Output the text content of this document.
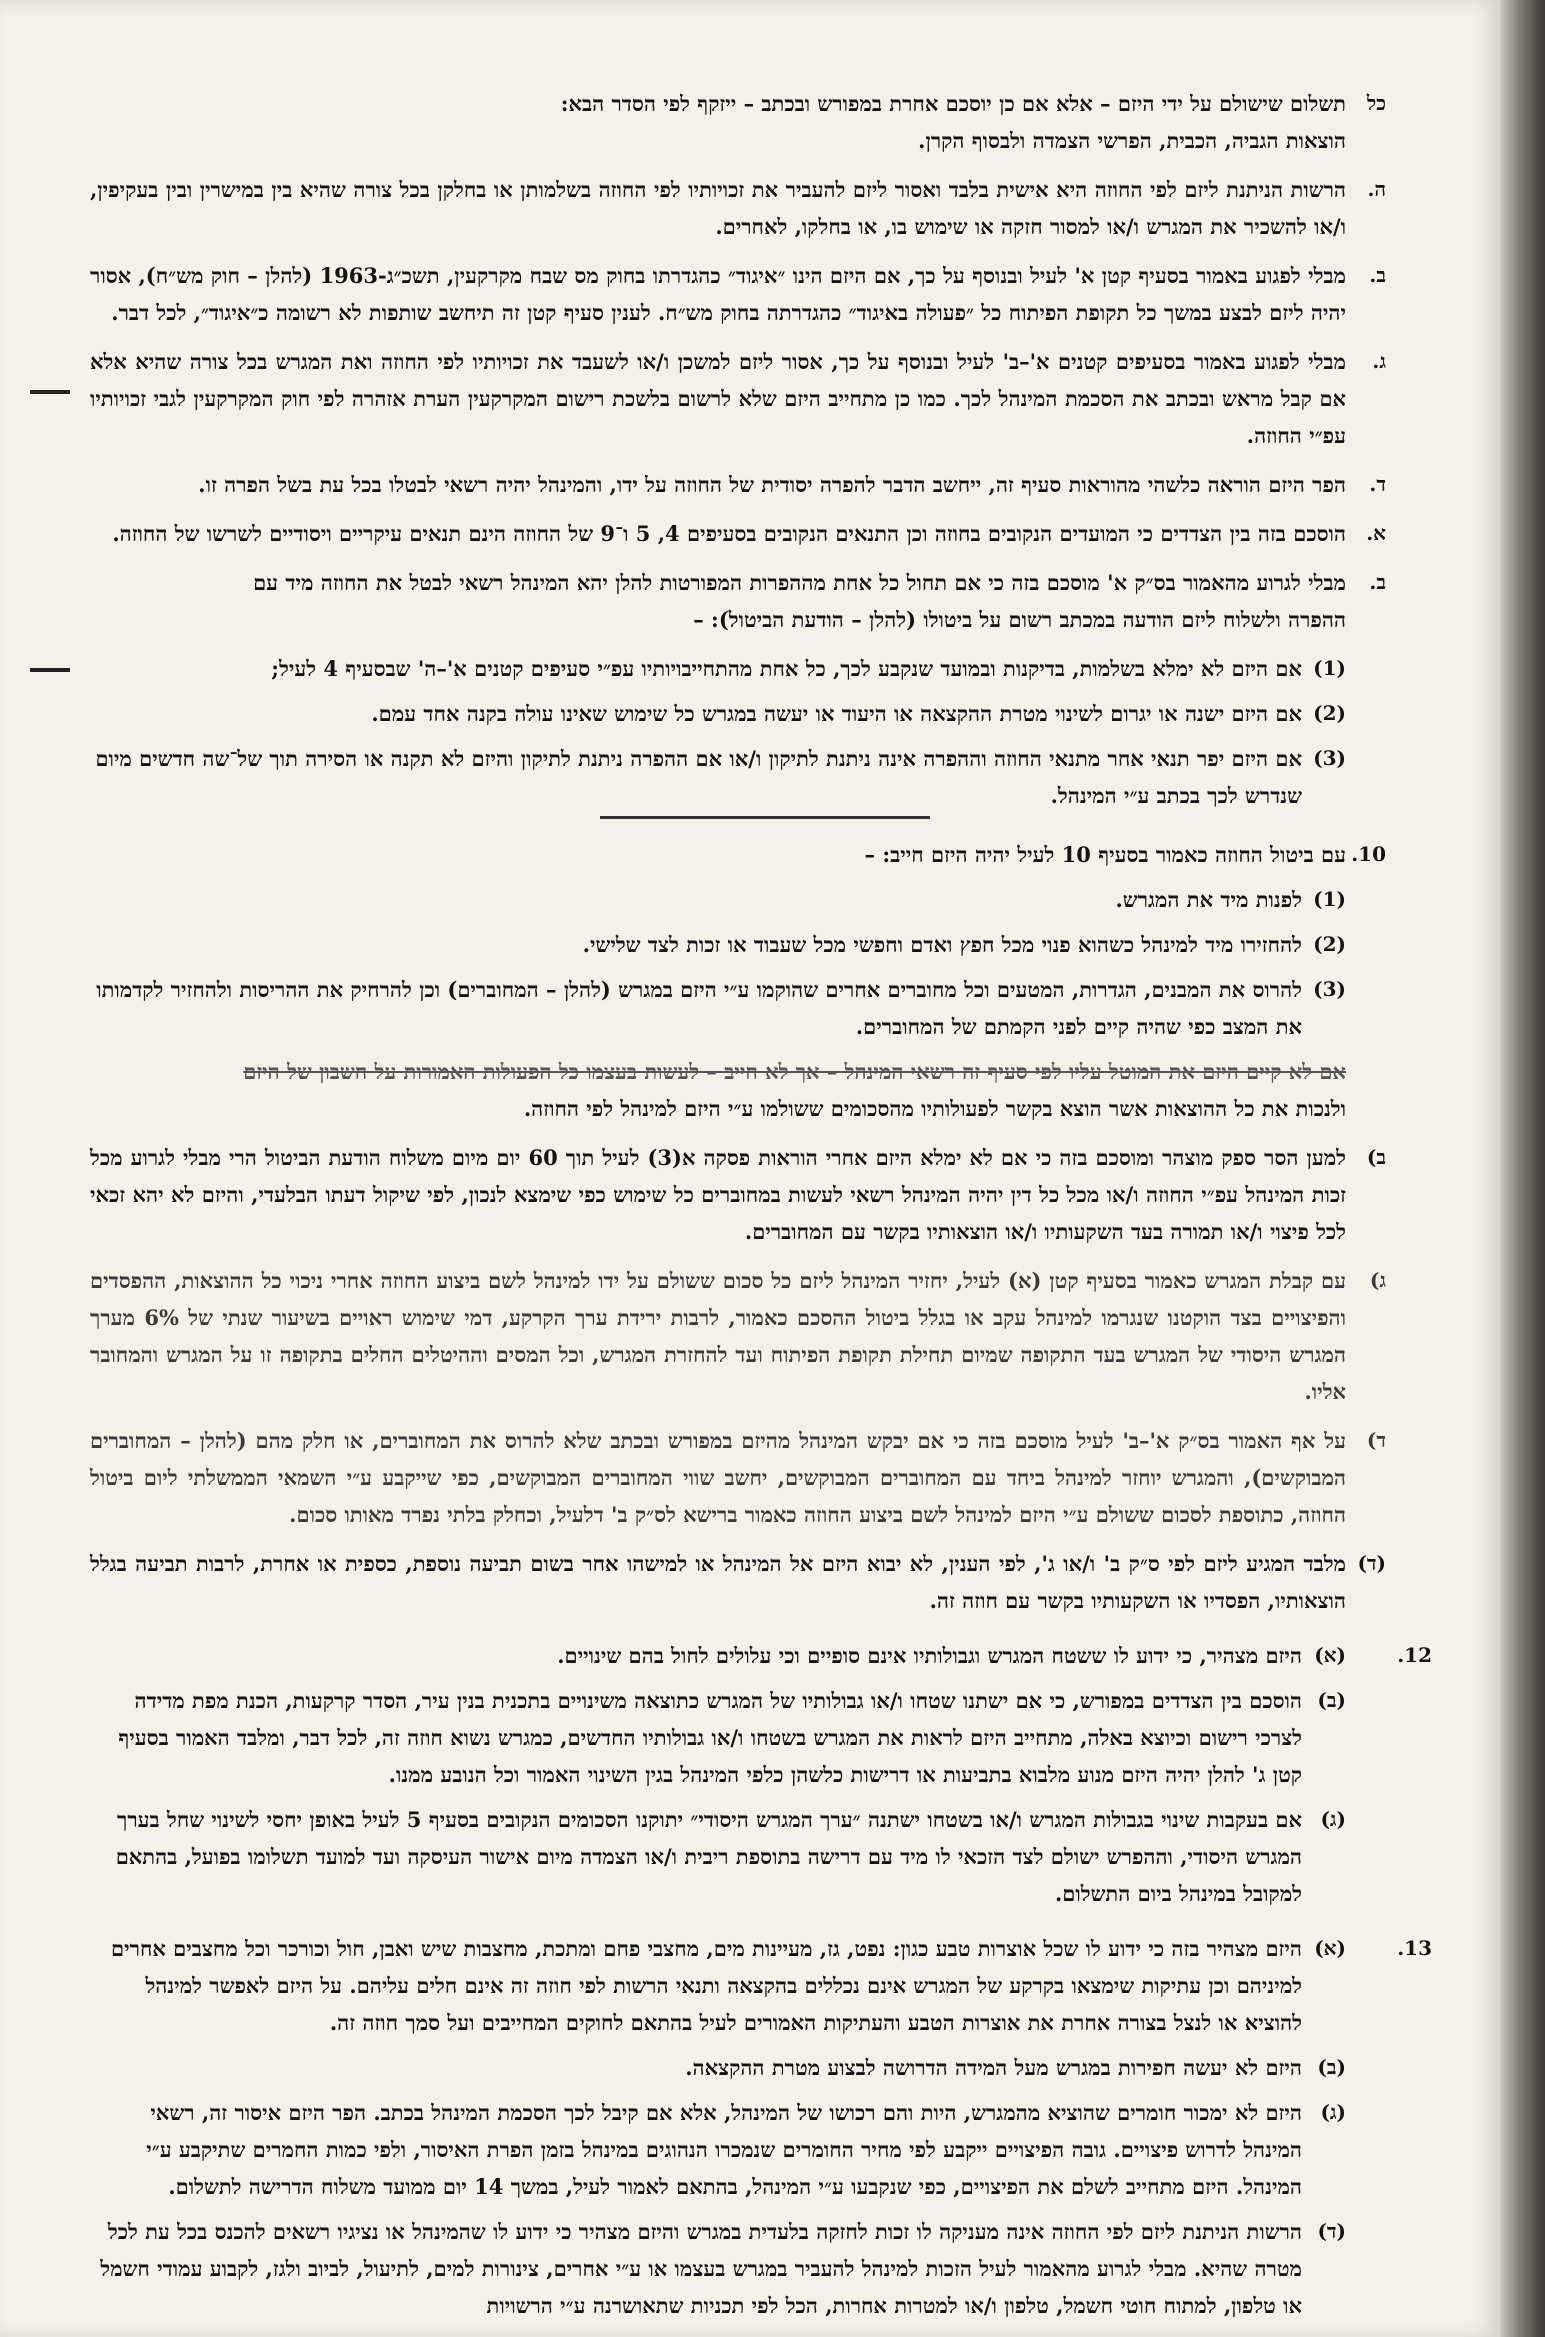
כל
תשלום שישולם על ידי היזם – אלא אם כן יוסכם אחרת במפורש ובכתב – ייזקף לפי הסדר הבא:
הוצאות הגביה, הכבית, הפרשי הצמדה ולבסוף הקרן.
ה.
הרשות הניתנת ליזם לפי החוזה היא אישית בלבד ואסור ליזם להעביר את זכויותיו לפי החוזה בשלמותן או בחלקן בכל צורה שהיא בין במישרין ובין בעקיפין, ו/או להשכיר את המגרש ו/או למסור חזקה או שימוש בו, או בחלקו, לאחרים.
ב.
מבלי לפגוע באמור בסעיף קטן א' לעיל ובנוסף על כך, אם היזם הינו ״איגוד״ כהגדרתו בחוק מס שבח מקרקעין, תשכ״ג-1963 (להלן – חוק מש״ח), אסור יהיה ליזם לבצע במשך כל תקופת הפיתוח כל ״פעולה באיגוד״ כהגדרתה בחוק מש״ח. לענין סעיף קטן זה תיחשב שותפות לא רשומה כ״איגוד״, לכל דבר.
ג.
מבלי לפגוע באמור בסעיפים קטנים א'–ב' לעיל ובנוסף על כך, אסור ליזם למשכן ו/או לשעבד את זכויותיו לפי החוזה ואת המגרש בכל צורה שהיא אלא אם קבל מראש ובכתב את הסכמת המינהל לכך. כמו כן מתחייב היזם שלא לרשום בלשכת רישום המקרקעין הערת אזהרה לפי חוק המקרקעין לגבי זכויותיו עפ״י החוזה.
ד.
הפר היזם הוראה כלשהי מהוראות סעיף זה, ייחשב הדבר להפרה יסודית של החוזה על ידו, והמינהל יהיה רשאי לבטלו בכל עת בשל הפרה זו.
א.
הוסכם בזה בין הצדדים כי המועדים הנקובים בחוזה וכן התנאים הנקובים בסעיפים 4, 5 ו־9 של החוזה הינם תנאים עיקריים ויסודיים לשרשו של החוזה.
ב.
מבלי לגרוע מהאמור בס״ק א' מוסכם בזה כי אם תחול כל אחת מההפרות המפורטות להלן יהא המינהל רשאי לבטל את החוזה מיד עם
ההפרה ולשלוח ליזם הודעה במכתב רשום על ביטולו (להלן – הודעת הביטול): –
(1)
אם היזם לא ימלא בשלמות, בדיקנות ובמועד שנקבע לכך, כל אחת מהתחייבויותיו עפ״י סעיפים קטנים א'–ה' שבסעיף 4 לעיל;
(2)
אם היזם ישנה או יגרום לשינוי מטרת ההקצאה או היעוד או יעשה במגרש כל שימוש שאינו עולה בקנה אחד עמם.
(3)
אם היזם יפר תנאי אחר מתנאי החוזה וההפרה אינה ניתנת לתיקון ו/או אם ההפרה ניתנת לתיקון והיזם לא תקנה או הסירה תוך של־שה חדשים מיום שנדרש לכך בכתב ע״י המינהל.
10.
עם ביטול החוזה כאמור בסעיף 10 לעיל יהיה היזם חייב: –
(1)
לפנות מיד את המגרש.
(2)
להחזירו מיד למינהל כשהוא פנוי מכל חפץ ואדם וחפשי מכל שעבוד או זכות לצד שלישי.
(3)
להרוס את המבנים, הגדרות, המטעים וכל מחוברים אחרים שהוקמו ע״י היזם במגרש (להלן – המחוברים) וכן להרחיק את ההריסות ולהחזיר לקדמותו את המצב כפי שהיה קיים לפני הקמתם של המחוברים.
אם לא קיים היזם את המוטל עליו לפי סעיף זה רשאי המינהל – אך לא חייב – לעשות בעצמו כל הפעולות האמורות על חשבון של היזם
ולנכות את כל ההוצאות אשר הוצא בקשר לפעולותיו מהסכומים ששולמו ע״י היזם למינהל לפי החוזה.
ב)
למען הסר ספק מוצהר ומוסכם בזה כי אם לא ימלא היזם אחרי הוראות פסקה א(3) לעיל תוך 60 יום מיום משלוח הודעת הביטול הרי מבלי לגרוע מכל זכות המינהל עפ״י החוזה ו/או מכל כל דין יהיה המינהל רשאי לעשות במחוברים כל שימוש כפי שימצא לנכון, לפי שיקול דעתו הבלעדי, והיזם לא יהא זכאי לכל פיצוי ו/או תמורה בעד השקעותיו ו/או הוצאותיו בקשר עם המחוברים.
ג)
עם קבלת המגרש כאמור בסעיף קטן (א) לעיל, יחזיר המינהל ליזם כל סכום ששולם על ידו למינהל לשם ביצוע החוזה אחרי ניכוי כל ההוצאות, ההפסדים והפיצויים בצד הוקטנו שנגרמו למינהל עקב או בגלל ביטול ההסכם כאמור, לרבות ירידת ערך הקרקע, דמי שימוש ראויים בשיעור שנתי של 6% מערך המגרש היסודי של המגרש בעד התקופה שמיום תחילת תקופת הפיתוח ועד להחזרת המגרש, וכל המסים וההיטלים החלים בתקופה זו על המגרש והמחובר אליו.
ד)
על אף האמור בס״ק א'–ב' לעיל מוסכם בזה כי אם יבקש המינהל מהיזם במפורש ובכתב שלא להרוס את המחוברים, או חלק מהם (להלן – המחוברים המבוקשים), והמגרש יוחזר למינהל ביחד עם המחוברים המבוקשים, יחשב שווי המחוברים המבוקשים, כפי שייקבע ע״י השמאי הממשלתי ליום ביטול החוזה, כתוספת לסכום ששולם ע״י היזם למינהל לשם ביצוע החוזה כאמור ברישא לס״ק ב' דלעיל, וכחלק בלתי נפרד מאותו סכום.
(ד)
מלבד המגיע ליזם לפי ס״ק ב' ו/או ג', לפי הענין, לא יבוא היזם אל המינהל או למישהו אחר בשום תביעה נוספת, כספית או אחרת, לרבות תביעה בגלל הוצאותיו, הפסדיו או השקעותיו בקשר עם חוזה זה.
12.
(א)
היזם מצהיר, כי ידוע לו ששטח המגרש וגבולותיו אינם סופיים וכי עלולים לחול בהם שינויים.
(ב)
הוסכם בין הצדדים במפורש, כי אם ישתנו שטחו ו/או גבולותיו של המגרש כתוצאה משינויים בתכנית בנין עיר, הסדר קרקעות, הכנת מפת מדידה לצרכי רישום וכיוצא באלה, מתחייב היזם לראות את המגרש בשטחו ו/או גבולותיו החדשים, כמגרש נשוא חוזה זה, לכל דבר, ומלבד האמור בסעיף קטן ג' להלן יהיה היזם מנוע מלבוא בתביעות או דרישות כלשהן כלפי המינהל בגין השינוי האמור וכל הנובע ממנו.
(ג)
אם בעקבות שינוי בגבולות המגרש ו/או בשטחו ישתנה ״ערך המגרש היסודי״ יתוקנו הסכומים הנקובים בסעיף 5 לעיל באופן יחסי לשינוי שחל בערך המגרש היסודי, וההפרש ישולם לצד הזכאי לו מיד עם דרישה בתוספת ריבית ו/או הצמדה מיום אישור העיסקה ועד למועד תשלומו בפועל, בהתאם למקובל במינהל ביום התשלום.
13.
(א)
היזם מצהיר בזה כי ידוע לו שכל אוצרות טבע כגון: נפט, גז, מעיינות מים, מחצבי פחם ומתכת, מחצבות שיש ואבן, חול וכורכר וכל מחצבים אחרים למיניהם וכן עתיקות שימצאו בקרקע של המגרש אינם נכללים בהקצאה ותנאי הרשות לפי חוזה זה אינם חלים עליהם. על היזם לאפשר למינהל להוציא או לנצל בצורה אחרת את אוצרות הטבע והעתיקות האמורים לעיל בהתאם לחוקים המחייבים ועל סמך חוזה זה.
(ב)
היזם לא יעשה חפירות במגרש מעל המידה הדרושה לבצוע מטרת ההקצאה.
(ג)
היזם לא ימכור חומרים שהוציא מהמגרש, היות והם רכושו של המינהל, אלא אם קיבל לכך הסכמת המינהל בכתב. הפר היזם איסור זה, רשאי המינהל לדרוש פיצויים. גובה הפיצויים ייקבע לפי מחיר החומרים שנמכרו הנהוגים במינהל בזמן הפרת האיסור, ולפי כמות החמרים שתיקבע ע״י המינהל. היזם מתחייב לשלם את הפיצויים, כפי שנקבעו ע״י המינהל, בהתאם לאמור לעיל, במשך 14 יום ממועד משלוח הדרישה לתשלום.
(ד)
הרשות הניתנת ליזם לפי החוזה אינה מעניקה לו זכות לחזקה בלעדית במגרש והיזם מצהיר כי ידוע לו שהמינהל או נציגיו רשאים להכנס בכל עת לכל מטרה שהיא. מבלי לגרוע מהאמור לעיל הזכות למינהל להעביר במגרש בעצמו או ע״י אחרים, צינורות למים, לתיעול, לביוב ולגז, לקבוע עמודי חשמל או טלפון, למתוח חוטי חשמל, טלפון ו/או למטרות אחרות, הכל לפי תכניות שתאושרנה ע״י הרשויות
